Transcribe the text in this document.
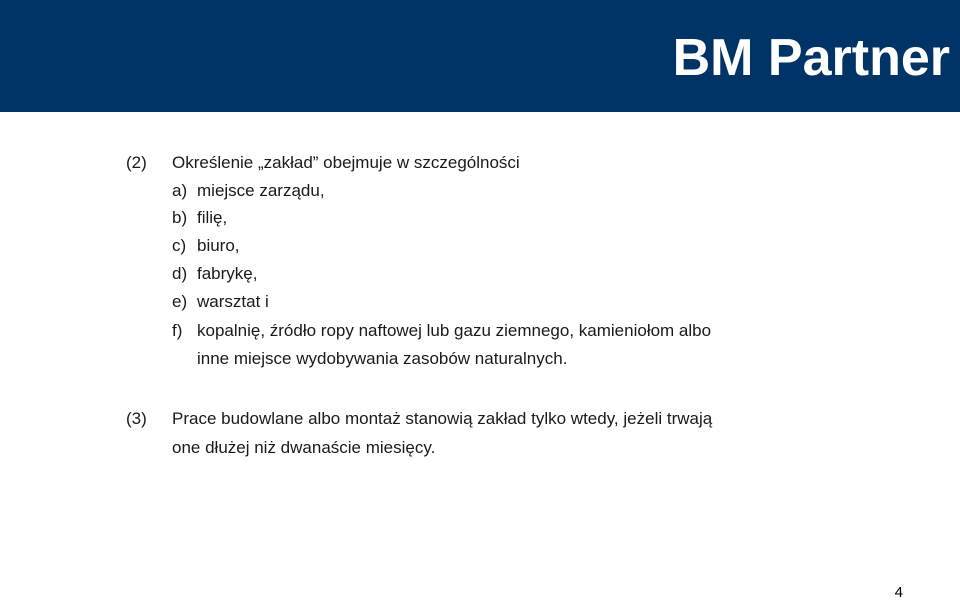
BM Partner
(2) Określenie „zakład” obejmuje w szczególności
a) miejsce zarządu,
b) filię,
c) biuro,
d) fabrykę,
e) warsztat i
f) kopalnię, źródło ropy naftowej lub gazu ziemnego, kamieniołom albo
inne miejsce wydobywania zasobów naturalnych.
(3) Prace budowlane albo montaż stanowią zakład tylko wtedy, jeżeli trwają
one dłużej niż dwanaście miesięcy.
4
